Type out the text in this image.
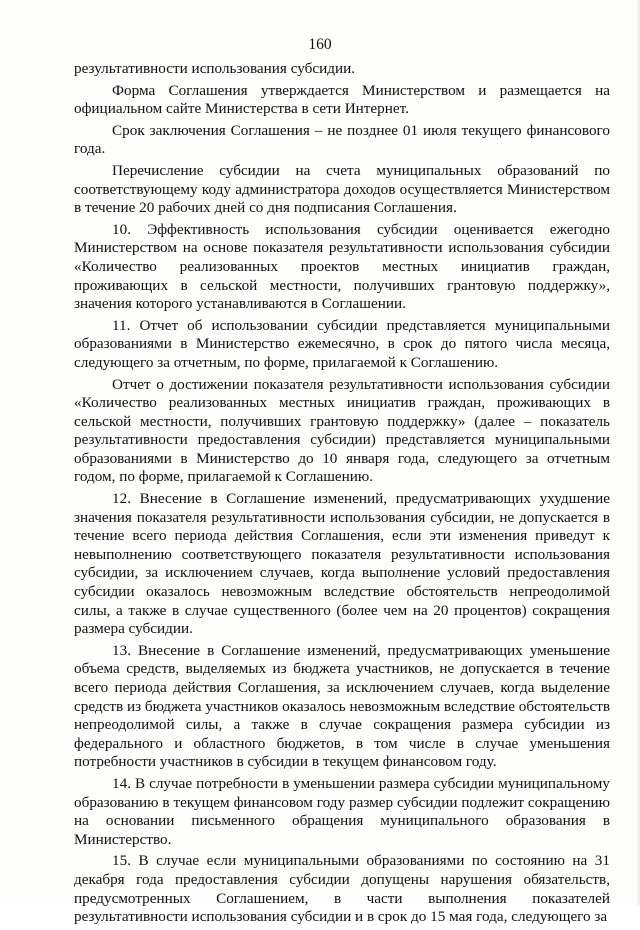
160

результативности использования субсидии.

Форма Соглашения утверждается Министерством и размещается на официальном сайте Министерства в сети Интернет.

Срок заключения Соглашения – не позднее 01 июля текущего финансового года.

Перечисление субсидии на счета муниципальных образований по соответствующему коду администратора доходов осуществляется Министерством в течение 20 рабочих дней со дня подписания Соглашения.

10. Эффективность использования субсидии оценивается ежегодно Министерством на основе показателя результативности использования субсидии «Количество реализованных проектов местных инициатив граждан, проживающих в сельской местности, получивших грантовую поддержку», значения которого устанавливаются в Соглашении.

11. Отчет об использовании субсидии представляется муниципальными образованиями в Министерство ежемесячно, в срок до пятого числа месяца, следующего за отчетным, по форме, прилагаемой к Соглашению.

Отчет о достижении показателя результативности использования субсидии «Количество реализованных местных инициатив граждан, проживающих в сельской местности, получивших грантовую поддержку» (далее – показатель результативности предоставления субсидии) представляется муниципальными образованиями в Министерство до 10 января года, следующего за отчетным годом, по форме, прилагаемой к Соглашению.

12. Внесение в Соглашение изменений, предусматривающих ухудшение значения показателя результативности использования субсидии, не допускается в течение всего периода действия Соглашения, если эти изменения приведут к невыполнению соответствующего показателя результативности использования субсидии, за исключением случаев, когда выполнение условий предоставления субсидии оказалось невозможным вследствие обстоятельств непреодолимой силы, а также в случае существенного (более чем на 20 процентов) сокращения размера субсидии.

13. Внесение в Соглашение изменений, предусматривающих уменьшение объема средств, выделяемых из бюджета участников, не допускается в течение всего периода действия Соглашения, за исключением случаев, когда выделение средств из бюджета участников оказалось невозможным вследствие обстоятельств непреодолимой силы, а также в случае сокращения размера субсидии из федерального и областного бюджетов, в том числе в случае уменьшения потребности участников в субсидии в текущем финансовом году.

14. В случае потребности в уменьшении размера субсидии муниципальному образованию в текущем финансовом году размер субсидии подлежит сокращению на основании письменного обращения муниципального образования в Министерство.

15. В случае если муниципальными образованиями по состоянию на 31 декабря года предоставления субсидии допущены нарушения обязательств, предусмотренных Соглашением, в части выполнения показателей результативности использования субсидии и в срок до 15 мая года, следующего за
